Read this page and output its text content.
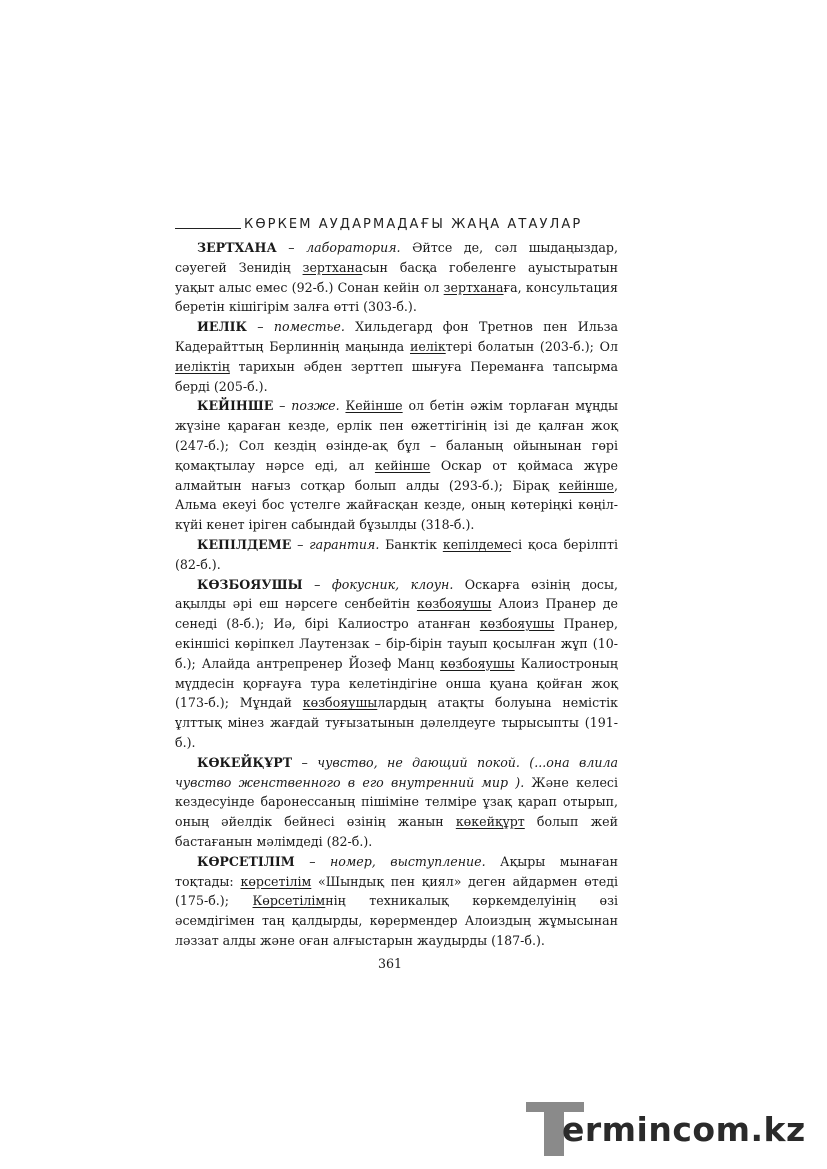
КӨРКЕМ АУДАРМАДАҒЫ ЖАҢА АТАУЛАР

ЗЕРТХАНА – лаборатория. Әйтсе де, сәл шыдаңыздар, сәуегей Зенидің зертханасын басқа гобеленге ауыстыратын уақыт алыс емес (92-б.) Сонан кейін ол зертханаға, консультация беретін кішігірім залға өтті (303-б.).

ИЕЛІК – поместье. Хильдегард фон Третнов пен Ильза Кадерайттың Берлиннің маңында иеліктері болатын (203-б.); Ол иеліктің тарихын әбден зерттеп шығуға Переманға тапсырма берді (205-б.).

КЕЙІНШЕ – позже. Кейінше ол бетін әжім торлаған мұңды жүзіне қараған кезде, ерлік пен өжеттігінің ізі де қалған жоқ (247-б.); Сол кездің өзінде-ақ бұл – баланың ойынынан гөрі қомақтылау нәрсе еді, ал кейінше Оскар от қоймаса жүре алмайтын нағыз сотқар болып алды (293-б.); Бірақ кейінше, Альма екеуі бос үстелге жайғасқан кезде, оның көтеріңкі көңіл-күйі кенет іріген сабындай бұзылды (318-б.).

КЕПІЛДЕМЕ – гарантия. Банктік кепілдемесі қоса берілпті (82-б.).

КӨЗБОЯУШЫ – фокусник, клоун. Оскарға өзінің досы, ақылды әрі еш нәрсеге сенбейтін көзбояушы Алоиз Пранер де сенеді (8-б.); Иә, бірі Калиостро атанған көзбояушы Пранер, екіншісі көріпкел Лаутензак – бір-бірін тауып қосылған жұп (10-б.); Алайда антрепренер Йозеф Манц көзбояушы Калиостроның мүддесін қорғауға тура келетіндігіне онша қуана қойған жоқ (173-б.); Мұндай көзбояушылардың атақты болуына немістік ұлттық мінез жағдай туғызатынын дәлелдеуге тырысыпты (191-б.).

КӨКЕЙҚҰРТ – чувство, не дающий покой. (...она влила чувство женственного в его внутренний мир ). Және келесі кездесуінде баронессаның пішіміне телміре ұзақ қарап отырып, оның әйелдік бейнесі өзінің жанын көкейқұрт болып жей бастағанын мәлімдеді (82-б.).

КӨРСЕТІЛІМ – номер, выступление. Ақыры мынаған тоқтады: көрсетілім «Шындық пен қиял» деген айдармен өтеді (175-б.); Көрсетілімнің техникалық көркемделуінің өзі әсемдігімен таң қалдырды, көрермендер Алоиздың жұмысынан ләззат алды және оған алғыстарын жаудырды (187-б.).

361
ermincom.kz
